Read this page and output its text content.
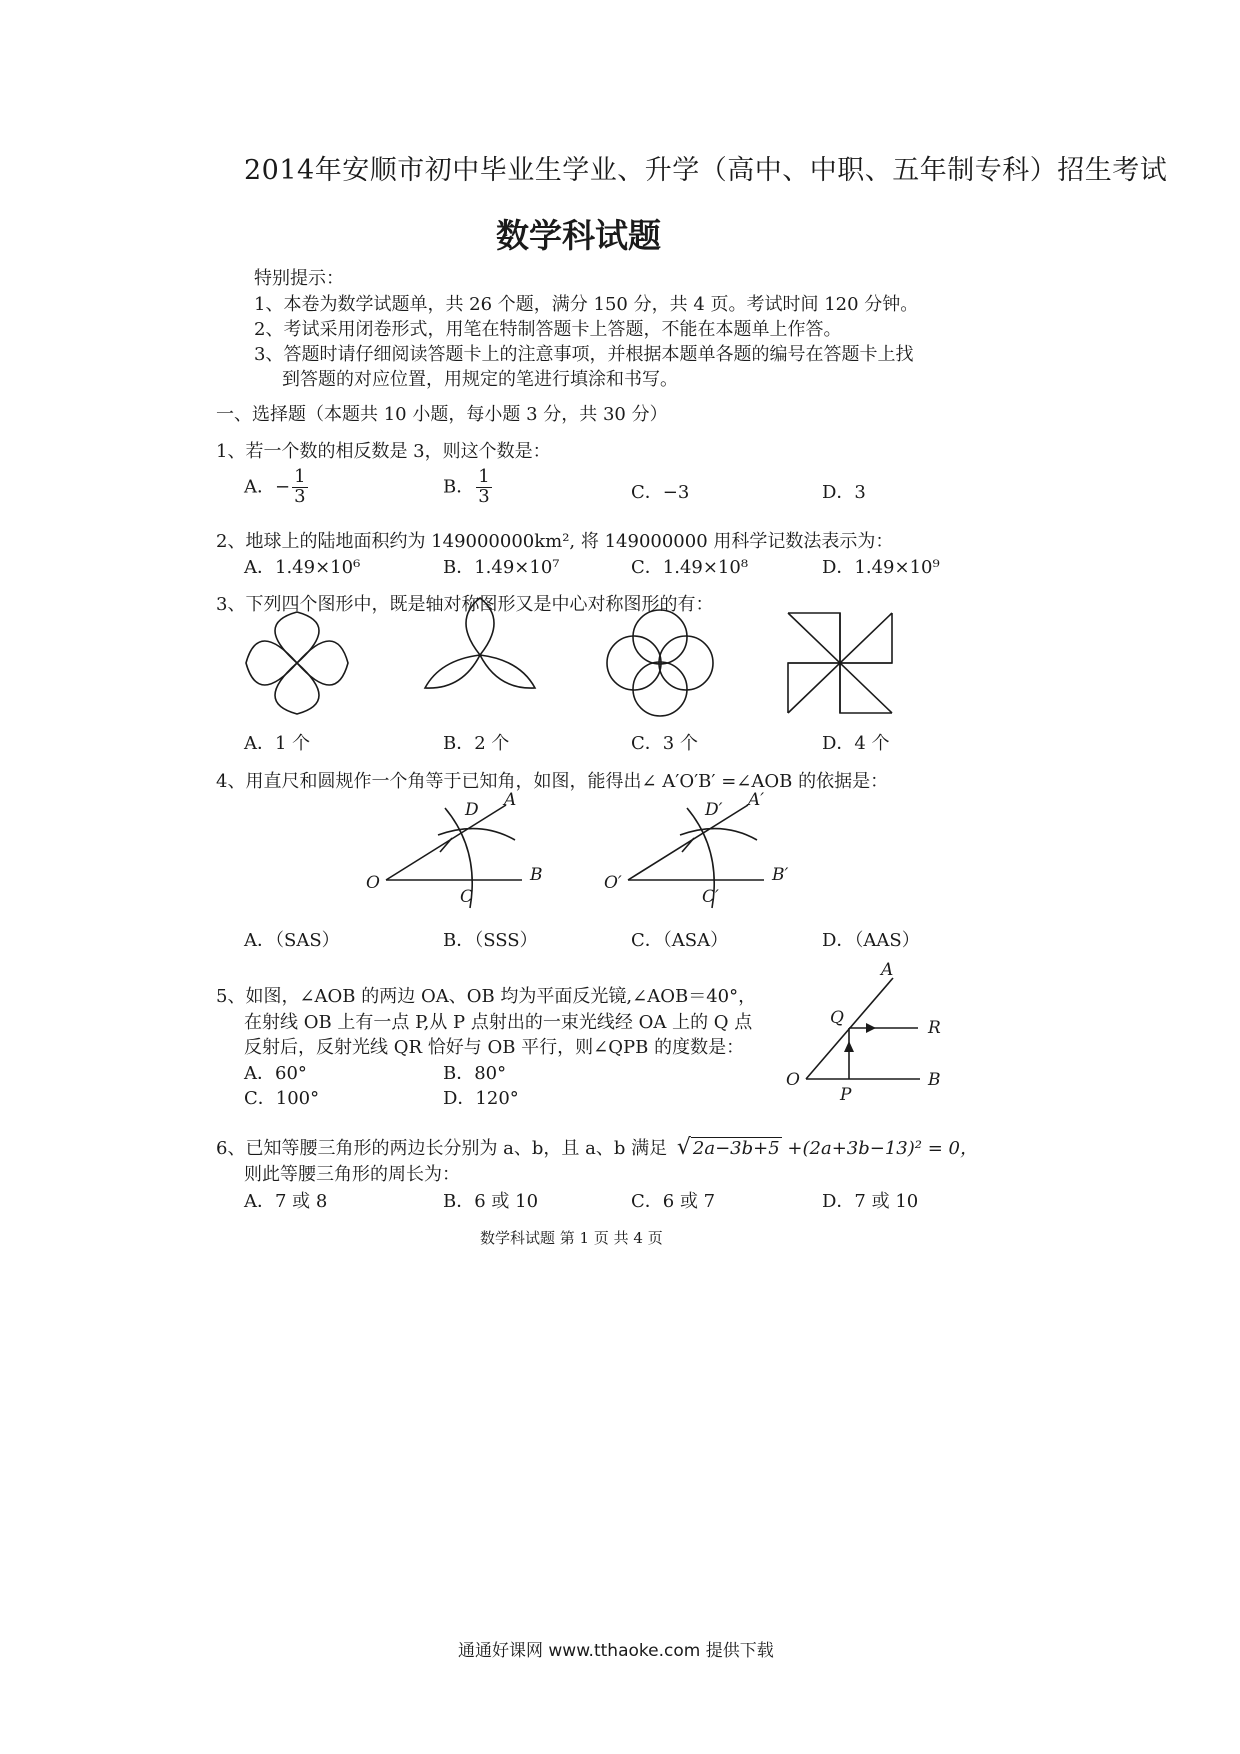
2014年安顺市初中毕业生学业、升学（高中、中职、五年制专科）招生考试
数学科试题
特别提示：
1、本卷为数学试题单，共 26 个题，满分 150 分，共 4 页。考试时间 120 分钟。
2、考试采用闭卷形式，用笔在特制答题卡上答题，不能在本题单上作答。
3、答题时请仔细阅读答题卡上的注意事项，并根据本题单各题的编号在答题卡上找
到答题的对应位置，用规定的笔进行填涂和书写。
一、选择题（本题共 10 小题，每小题 3 分，共 30 分）
1、若一个数的相反数是 3，则这个数是：
A．− $\frac{1}{3}$	B． $\frac{1}{3}$	C．−3	D．3
2、地球上的陆地面积约为 149000000km², 将 149000000 用科学记数法表示为：
A．1.49×10⁶	B．1.49×10⁷	C．1.49×10⁸	D．1.49×10⁹
3、下列四个图形中，既是轴对称图形又是中心对称图形的有：
A．1 个	B．2 个	C．3 个	D．4 个
4、用直尺和圆规作一个角等于已知角，如图，能得出∠ A′O′B′ =∠AOB 的依据是：
O	B
C
D A
O′	B′
C′
D′ A′
A．（SAS）	B．（SSS）	C．（ASA）	D．（AAS）
5、如图，∠AOB 的两边 OA、OB 均为平面反光镜,∠AOB＝40°，
在射线 OB 上有一点 P,从 P 点射出的一束光线经 OA 上的 Q 点
反射后，反射光线 QR 恰好与 OB 平行，则∠QPB 的度数是：
A．60°	B．80°
C．100°	D．120°
A
Q	R
O
P
B
6、已知等腰三角形的两边长分别为 a、b，且 a、b 满足 √ 2a−3b+5 +(2a+3b−13)² = 0，
则此等腰三角形的周长为：
A．7 或 8	B．6 或 10	C．6 或 7	D．7 或 10
数学科试题 第 1 页 共 4 页
通通好课网 www.tthaoke.com 提供下载
